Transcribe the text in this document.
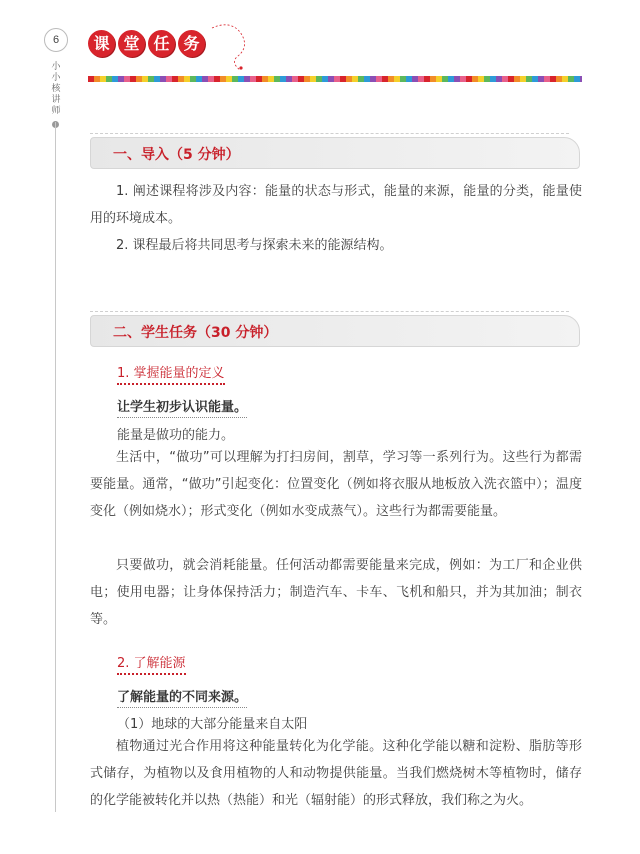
6
小小核讲师
课 堂 任 务
一、导入（5 分钟）
1. 阐述课程将涉及内容：能量的状态与形式，能量的来源，能量的分类，能量使用的环境成本。
2. 课程最后将共同思考与探索未来的能源结构。
二、学生任务（30 分钟）
1. 掌握能量的定义
让学生初步认识能量。
能量是做功的能力。
生活中，“做功”可以理解为打扫房间，割草，学习等一系列行为。这些行为都需要能量。通常，“做功”引起变化：位置变化（例如将衣服从地板放入洗衣篮中）；温度变化（例如烧水）；形式变化（例如水变成蒸气）。这些行为都需要能量。
只要做功，就会消耗能量。任何活动都需要能量来完成，例如：为工厂和企业供电；使用电器；让身体保持活力；制造汽车、卡车、飞机和船只，并为其加油；制衣等。
2. 了解能源
了解能量的不同来源。
（1）地球的大部分能量来自太阳
植物通过光合作用将这种能量转化为化学能。这种化学能以糖和淀粉、脂肪等形式储存，为植物以及食用植物的人和动物提供能量。当我们燃烧树木等植物时，储存的化学能被转化并以热（热能）和光（辐射能）的形式释放，我们称之为火。
